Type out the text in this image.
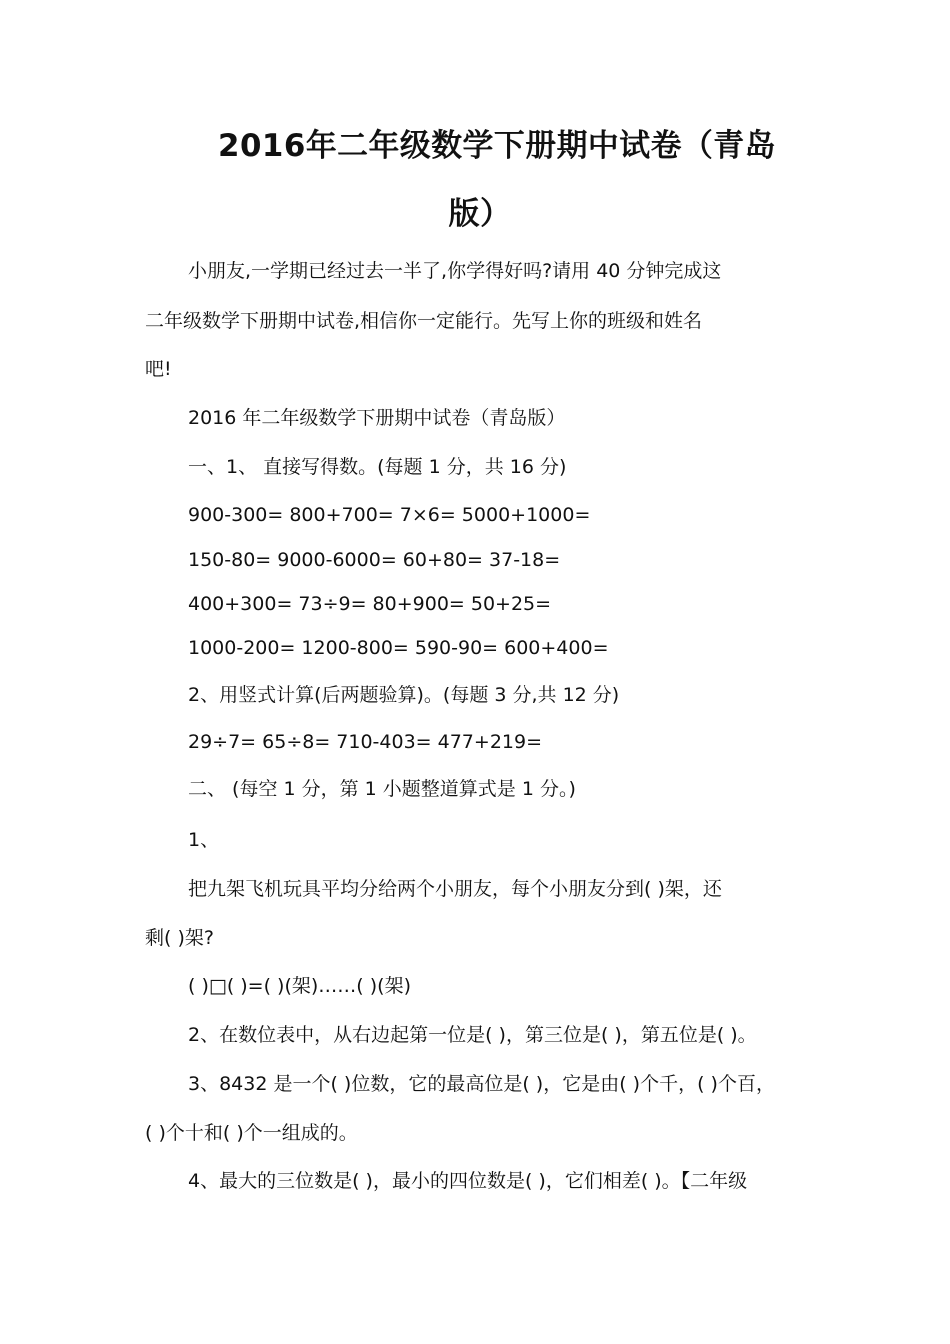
2016年二年级数学下册期中试卷（青岛
版）
小朋友,一学期已经过去一半了,你学得好吗?请用 40 分钟完成这
二年级数学下册期中试卷,相信你一定能行。先写上你的班级和姓名
吧!
2016 年二年级数学下册期中试卷（青岛版）
一、1、 直接写得数。(每题 1 分，共 16 分)
900-300= 800+700= 7×6= 5000+1000=
150-80= 9000-6000= 60+80= 37-18=
400+300= 73÷9= 80+900= 50+25=
1000-200= 1200-800= 590-90= 600+400=
2、用竖式计算(后两题验算)。(每题 3 分,共 12 分)
29÷7= 65÷8= 710-403= 477+219=
二、 (每空 1 分，第 1 小题整道算式是 1 分。)
1、
把九架飞机玩具平均分给两个小朋友，每个小朋友分到( )架，还
剩( )架?
( )□( )=( )(架)……( )(架)
2、在数位表中，从右边起第一位是( )，第三位是( )，第五位是( )。
3、8432 是一个( )位数，它的最高位是( )，它是由( )个千，( )个百，
( )个十和( )个一组成的。
4、最大的三位数是( )，最小的四位数是( )，它们相差( )。【二年级
